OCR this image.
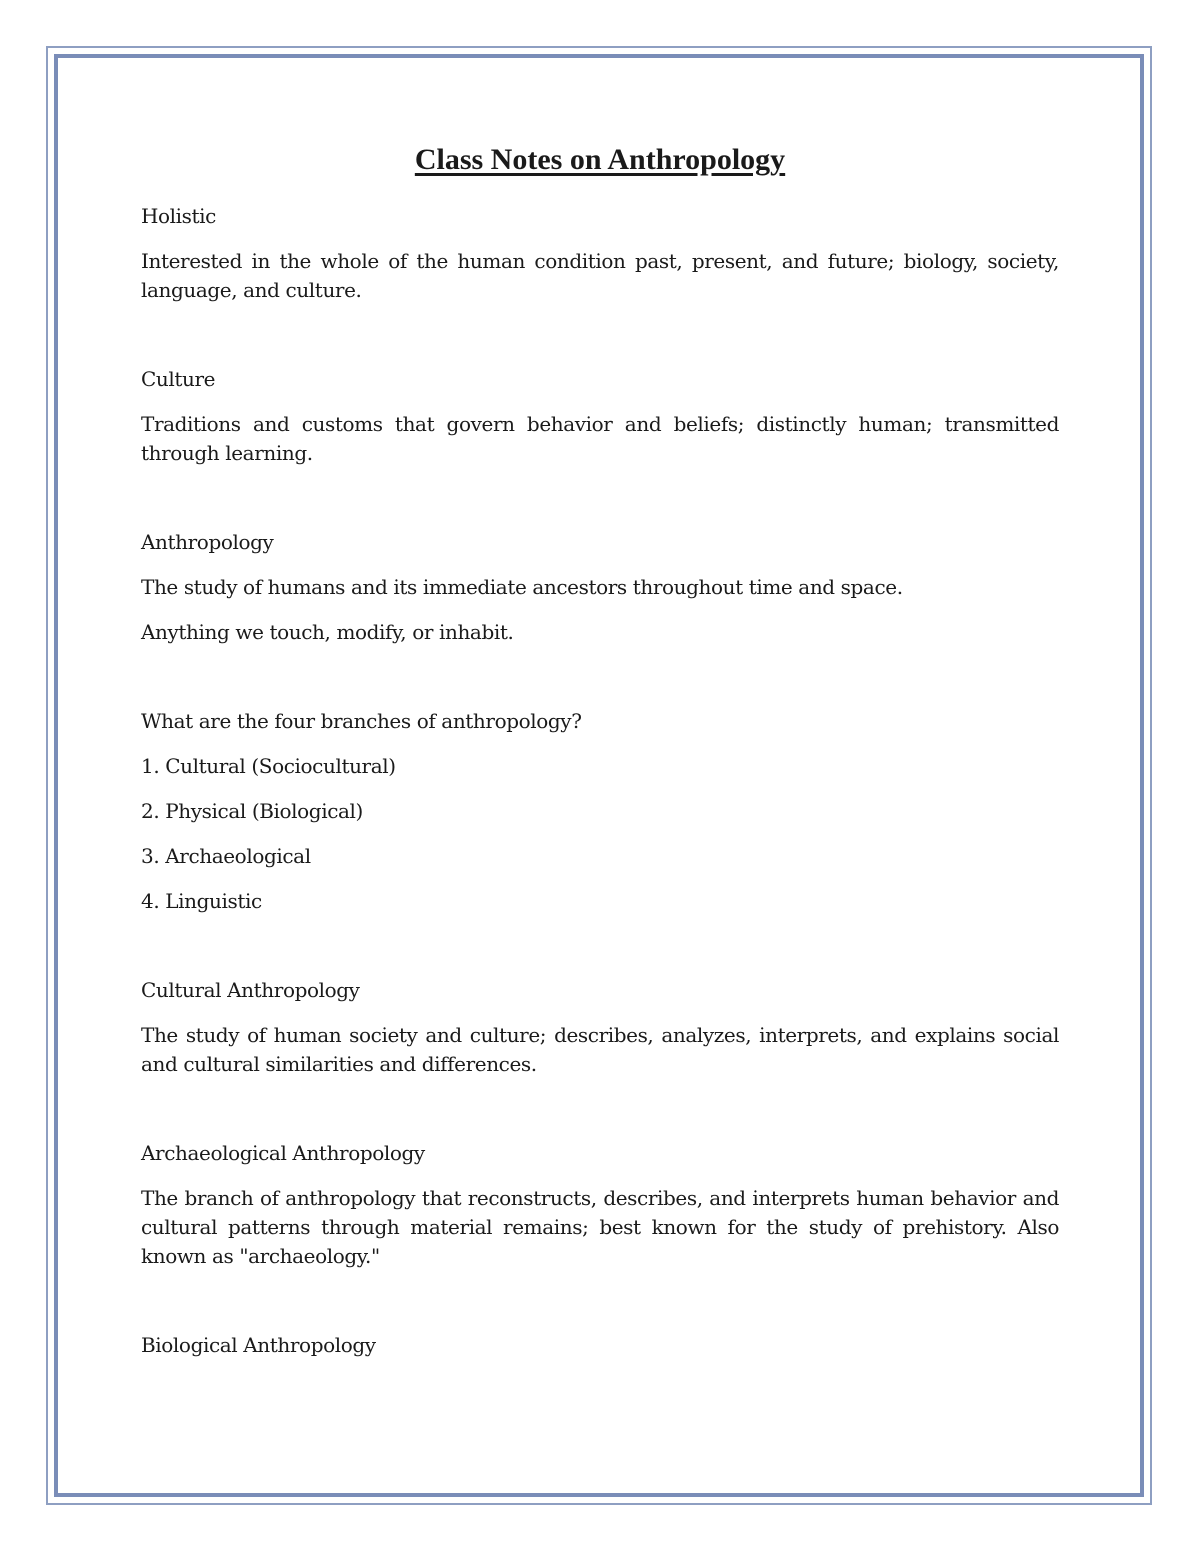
Class Notes on Anthropology

Holistic

Interested in the whole of the human condition past, present, and future; biology, society, language, and culture.

Culture

Traditions and customs that govern behavior and beliefs; distinctly human; transmitted through learning.

Anthropology

The study of humans and its immediate ancestors throughout time and space.

Anything we touch, modify, or inhabit.

What are the four branches of anthropology?

1. Cultural (Sociocultural)

2. Physical (Biological)

3. Archaeological

4. Linguistic

Cultural Anthropology

The study of human society and culture; describes, analyzes, interprets, and explains social and cultural similarities and differences.

Archaeological Anthropology

The branch of anthropology that reconstructs, describes, and interprets human behavior and cultural patterns through material remains; best known for the study of prehistory. Also known as "archaeology."

Biological Anthropology
